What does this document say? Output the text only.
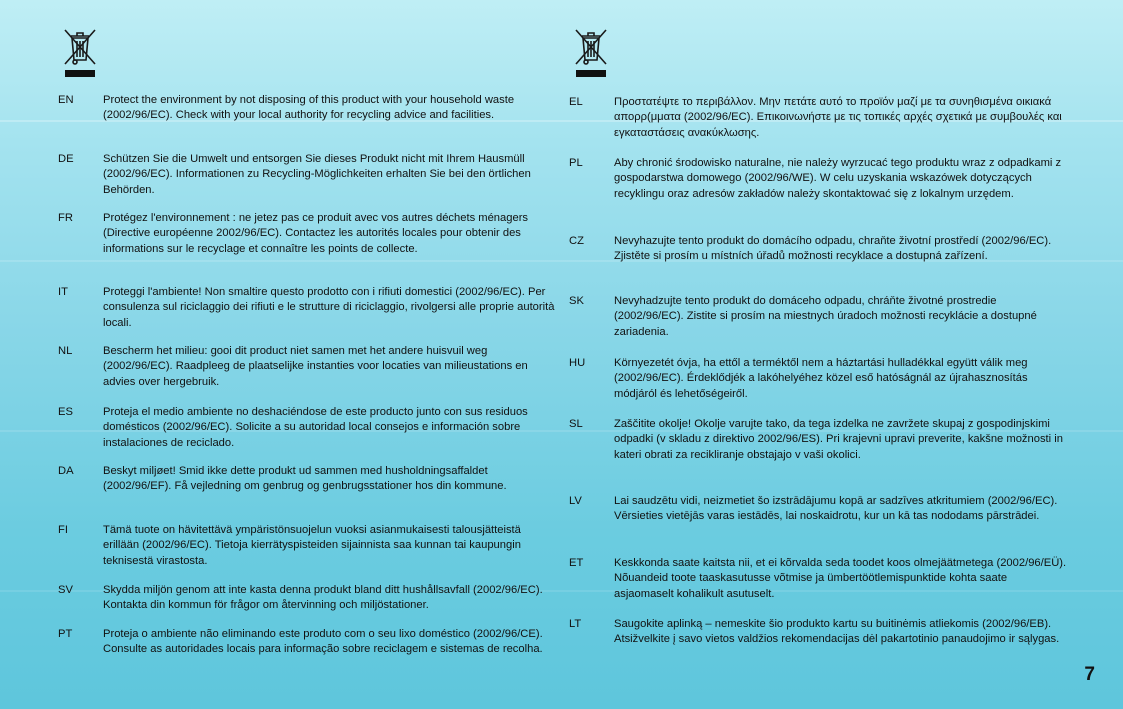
EN	Protect the environment by not disposing of this product with your household waste (2002/96/EC). Check with your local authority for recycling advice and facilities.
DE	Schützen Sie die Umwelt und entsorgen Sie dieses Produkt nicht mit Ihrem Hausmüll (2002/96/EC). Informationen zu Recycling-Möglichkeiten erhalten Sie bei den örtlichen Behörden.
FR	Protégez l'environnement : ne jetez pas ce produit avec vos autres déchets ménagers (Directive européenne 2002/96/EC). Contactez les autorités locales pour obtenir des informations sur le recyclage et connaître les points de collecte.
IT	Proteggi l'ambiente! Non smaltire questo prodotto con i rifiuti domestici (2002/96/EC). Per consulenza sul riciclaggio dei rifiuti e le strutture di riciclaggio, rivolgersi alle proprie autorità locali.
NL	Bescherm het milieu: gooi dit product niet samen met het andere huisvuil weg (2002/96/EC). Raadpleeg de plaatselijke instanties voor locaties van milieustations en advies over hergebruik.
ES	Proteja el medio ambiente no deshaciéndose de este producto junto con sus residuos domésticos (2002/96/EC). Solicite a su autoridad local consejos e información sobre instalaciones de reciclado.
DA	Beskyt miljøet! Smid ikke dette produkt ud sammen med husholdningsaffaldet (2002/96/EF). Få vejledning om genbrug og genbrugsstationer hos din kommune.
FI	Tämä tuote on hävitettävä ympäristönsuojelun vuoksi asianmukaisesti talousjätteistä erillään (2002/96/EC). Tietoja kierrätyspisteiden sijainnista saa kunnan tai kaupungin teknisestä virastosta.
SV	Skydda miljön genom att inte kasta denna produkt bland ditt hushållsavfall (2002/96/EC). Kontakta din kommun för frågor om återvinning och miljöstationer.
PT	Proteja o ambiente não eliminando este produto com o seu lixo doméstico (2002/96/CE). Consulte as autoridades locais para informação sobre reciclagem e sistemas de recolha.
EL	Προστατέψτε το περιβάλλον. Μην πετάτε αυτό το προϊόν μαζί με τα συνηθισμένα οικιακά απορρ(μματα (2002/96/EC). Επικοινωνήστε με τις τοπικές αρχές σχετικά με συμβουλές και εγκαταστάσεις ανακύκλωσης.
PL	Aby chronić środowisko naturalne, nie należy wyrzucać tego produktu wraz z odpadkami z gospodarstwa domowego (2002/96/WE). W celu uzyskania wskazówek dotyczących recyklingu oraz adresów zakładów należy skontaktować się z lokalnym urzędem.
CZ	Nevyhazujte tento produkt do domácího odpadu, chraňte životní prostředí (2002/96/EC). Zjistěte si prosím u místních úřadů možnosti recyklace a dostupná zařízení.
SK	Nevyhadzujte tento produkt do domáceho odpadu, chráňte životné prostredie (2002/96/EC). Zistite si prosím na miestnych úradoch možnosti recyklácie a dostupné zariadenia.
HU	Környezetét óvja, ha ettől a terméktől nem a háztartási hulladékkal együtt válik meg (2002/96/EC). Érdeklődjék a lakóhelyéhez közel eső hatóságnál az újrahasznosítás módjáról és lehetőségeiről.
SL	Zaščitite okolje! Okolje varujte tako, da tega izdelka ne zavržete skupaj z gospodinjskimi odpadki (v skladu z direktivo 2002/96/ES). Pri krajevni upravi preverite, kakšne možnosti in kateri obrati za recikliranje obstajajo v vaši okolici.
LV	Lai saudzētu vidi, neizmetiet šo izstrādājumu kopā ar sadzīves atkritumiem (2002/96/EC). Vērsieties vietējās varas iestādēs, lai noskaidrotu, kur un kā tas nododams pārstrādei.
ET	Keskkonda saate kaitsta nii, et ei kõrvalda seda toodet koos olmejäätmetega (2002/96/EÜ). Nõuandeid toote taaskasutusse võtmise ja ümbertöötlemispunktide kohta saate asjaomaselt kohalikult asutuselt.
LT	Saugokite aplinką – nemeskite šio produkto kartu su buitinėmis atliekomis (2002/96/EB). Atsižvelkite į savo vietos valdžios rekomendacijas dėl pakartotinio panaudojimo ir sąlygas.
7
